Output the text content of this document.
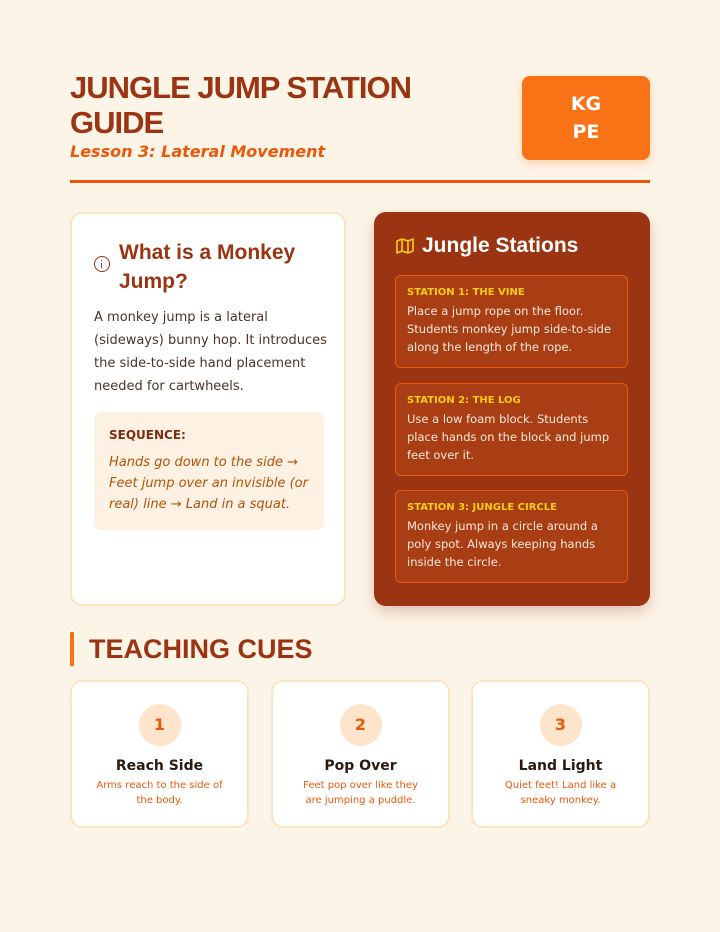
JUNGLE JUMP STATION GUIDE
Lesson 3: Lateral Movement
KG
PE
What is a Monkey Jump?
A monkey jump is a lateral (sideways) bunny hop. It introduces the side-to-side hand placement needed for cartwheels.
SEQUENCE:
Hands go down to the side → Feet jump over an invisible (or real) line → Land in a squat.
Jungle Stations
STATION 1: THE VINE
Place a jump rope on the floor. Students monkey jump side-to-side along the length of the rope.
STATION 2: THE LOG
Use a low foam block. Students place hands on the block and jump feet over it.
STATION 3: JUNGLE CIRCLE
Monkey jump in a circle around a poly spot. Always keeping hands inside the circle.
TEACHING CUES
1
Reach Side
Arms reach to the side of the body.
2
Pop Over
Feet pop over like they are jumping a puddle.
3
Land Light
Quiet feet! Land like a sneaky monkey.
